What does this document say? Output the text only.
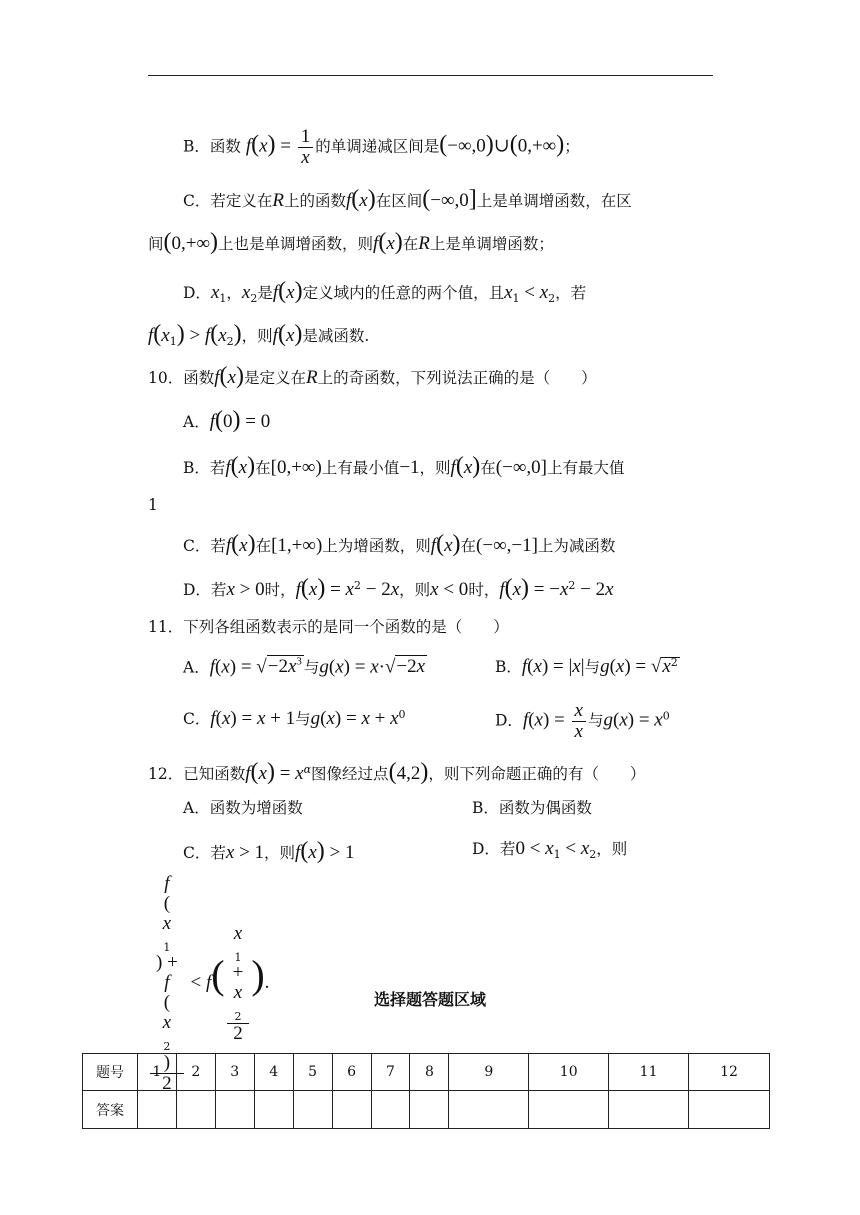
B．函数 $f(x) = \frac{1}{x}$ 的单调递减区间是(−∞,0)∪(0,+∞)；
C．若定义在R上的函数f(x)在区间(−∞,0]上是单调增函数，在区
间(0,+∞)上也是单调增函数，则f(x)在R上是单调增函数；
D．$x_1$，$x_2$是f(x)定义域内的任意的两个值，且$x_1 < x_2$，若
$f(x_1) > f(x_2)$，则f(x)是减函数.
10．函数f(x)是定义在R上的奇函数，下列说法正确的是（　　）
A．f(0) = 0
B．若f(x)在[0,+∞)上有最小值−1，则f(x)在(−∞,0]上有最大值
1
C．若f(x)在[1,+∞)上为增函数，则f(x)在(−∞,−1]上为减函数
D．若x > 0时，$f(x) = x^2 - 2x$，则x < 0时，$f(x) = -x^2 - 2x$
11．下列各组函数表示的是同一个函数的是（　　）
A．$f(x) = √-2x^3$ 与g(x) = x·√−2x	B．f(x) = |x|与$g(x) = √x^2$
C．f(x) = x + 1与$g(x) = x + x^0$	D．$f(x) = \frac{x}{x}$ 与$g(x) = x^0$
12．已知函数$f(x) = x^\alpha$图像经过点(4,2)，则下列命题正确的有（　　）
A．函数为增函数	B．函数为偶函数
C．若x > 1，则f(x) > 1	D．若$0 < x_1 < x_2$，则
f
(
x
$_1$
) +
f
(
x
$_2$
)
2 < f( x
$_1$
+
x
$_2$
2 ).
选择题答题区域
题号	1	2	3	4	5	6	7	8	9	10	11	12
答案												
